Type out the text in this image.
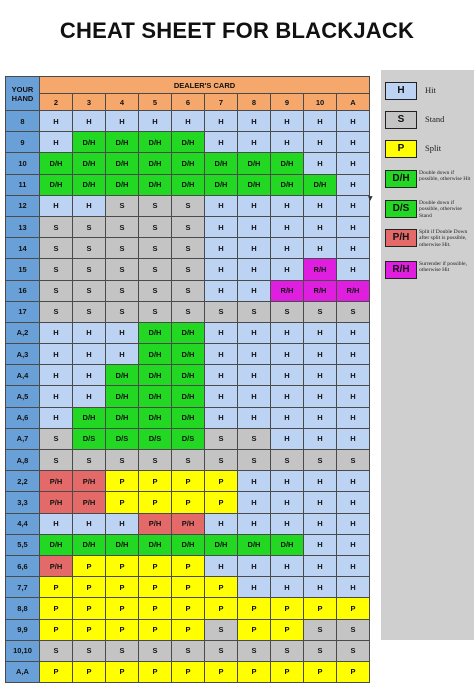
CHEAT SHEET FOR BLACKJACK
YOUR HAND	DEALER'S CARD									
	2	3	4	5	6	7	8	9	10	A
8	H	H	H	H	H	H	H	H	H	H
9	H	D/H	D/H	D/H	D/H	H	H	H	H	H
10	D/H	D/H	D/H	D/H	D/H	D/H	D/H	D/H	H	H
11	D/H	D/H	D/H	D/H	D/H	D/H	D/H	D/H	D/H	H
12	H	H	S	S	S	H	H	H	H	H
13	S	S	S	S	S	H	H	H	H	H
14	S	S	S	S	S	H	H	H	H	H
15	S	S	S	S	S	H	H	H	R/H	H
16	S	S	S	S	S	H	H	R/H	R/H	R/H
17	S	S	S	S	S	S	S	S	S	S
A,2	H	H	H	D/H	D/H	H	H	H	H	H
A,3	H	H	H	D/H	D/H	H	H	H	H	H
A,4	H	H	D/H	D/H	D/H	H	H	H	H	H
A,5	H	H	D/H	D/H	D/H	H	H	H	H	H
A,6	H	D/H	D/H	D/H	D/H	H	H	H	H	H
A,7	S	D/S	D/S	D/S	D/S	S	S	H	H	H
A,8	S	S	S	S	S	S	S	S	S	S
2,2	P/H	P/H	P	P	P	P	H	H	H	H
3,3	P/H	P/H	P	P	P	P	H	H	H	H
4,4	H	H	H	P/H	P/H	H	H	H	H	H
5,5	D/H	D/H	D/H	D/H	D/H	D/H	D/H	D/H	H	H
6,6	P/H	P	P	P	P	H	H	H	H	H
7,7	P	P	P	P	P	P	H	H	H	H
8,8	P	P	P	P	P	P	P	P	P	P
9,9	P	P	P	P	P	S	P	P	S	S
10,10	S	S	S	S	S	S	S	S	S	S
A,A	P	P	P	P	P	P	P	P	P	P
H	Hit
S	Stand
P	Split
D/H	Double down if possible, otherwise Hit
D/S	Double down if possible, otherwise Stand
P/H	Split if Double Down after split is possible, otherwise Hit.
R/H	Surrender if possible, otherwise Hit
▼
